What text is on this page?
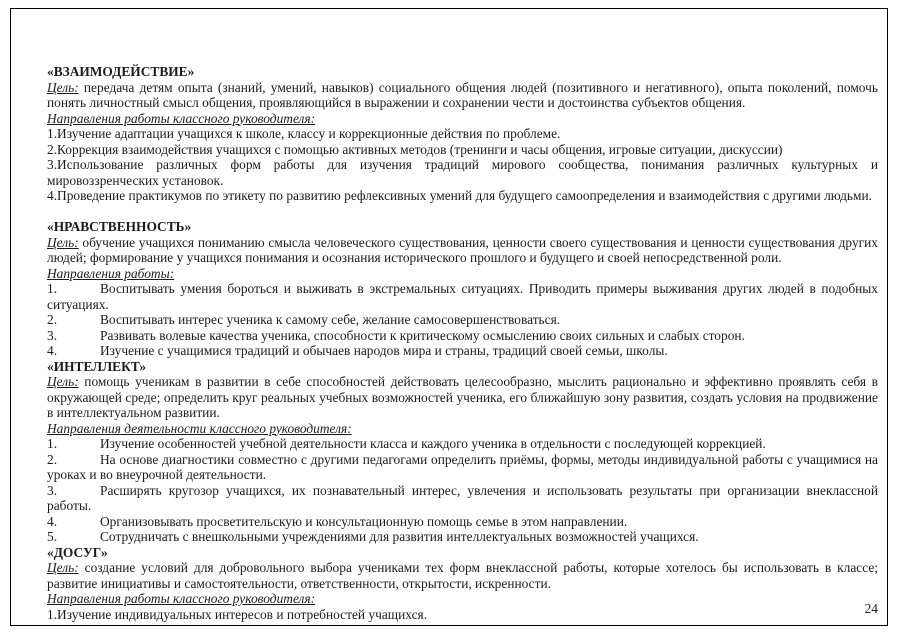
«ВЗАИМОДЕЙСТВИЕ»

Цель: передача детям опыта (знаний, умений, навыков) социального общения людей (позитивного и негативного), опыта поколений, помочь понять личностный смысл общения, проявляющийся в выражении и сохранении чести и достоинства субъектов общения.

Направления работы классного руководителя:

1.Изучение адаптации учащихся к школе, классу и коррекционные действия по проблеме.

2.Коррекция взаимодействия учащихся с помощью активных методов (тренинги и часы общения, игровые ситуации, дискуссии)

3.Использование различных форм работы для изучения традиций мирового сообщества, понимания различных культурных и мировоззренческих установок.

4.Проведение практикумов по этикету по развитию рефлексивных умений для будущего самоопределения и взаимодействия с другими людьми.

«НРАВСТВЕННОСТЬ»

Цель: обучение учащихся пониманию смысла человеческого существования, ценности своего существования и ценности существования других людей; формирование у учащихся понимания и осознания исторического прошлого и будущего и своей непосредственной роли.

Направления работы:

1.	Воспитывать умения бороться и выживать в экстремальных ситуациях. Приводить примеры выживания других людей в подобных ситуациях.

2.	Воспитывать интерес ученика к самому себе, желание самосовершенствоваться.

3.	Развивать волевые качества ученика, способности к критическому осмыслению своих сильных и слабых сторон.

4.	Изучение с учащимися традиций и обычаев народов мира и страны, традиций своей семьи, школы.

«ИНТЕЛЛЕКТ»

Цель: помощь ученикам в развитии в себе способностей действовать целесообразно, мыслить рационально и эффективно проявлять себя в окружающей среде; определить круг реальных учебных возможностей ученика, его ближайшую зону развития, создать условия на продвижение в интеллектуальном развитии.

Направления деятельности классного руководителя:

1.	Изучение особенностей учебной деятельности класса и каждого ученика в отдельности с последующей коррекцией.

2.	На основе диагностики совместно с другими педагогами определить приёмы, формы, методы индивидуальной работы с учащимися на уроках и во внеурочной деятельности.

3.	Расширять кругозор учащихся, их познавательный интерес, увлечения и использовать результаты при организации внеклассной работы.

4.	Организовывать просветительскую и консультационную помощь семье в этом направлении.

5.	Сотрудничать с внешкольными учреждениями для развития интеллектуальных возможностей учащихся.

«ДОСУГ»

Цель: создание условий для добровольного выбора учениками тех форм внеклассной работы, которые хотелось бы использовать в классе; развитие инициативы и самостоятельности, ответственности, открытости, искренности.

Направления работы классного руководителя:

1.Изучение индивидуальных интересов и потребностей учащихся.	24
